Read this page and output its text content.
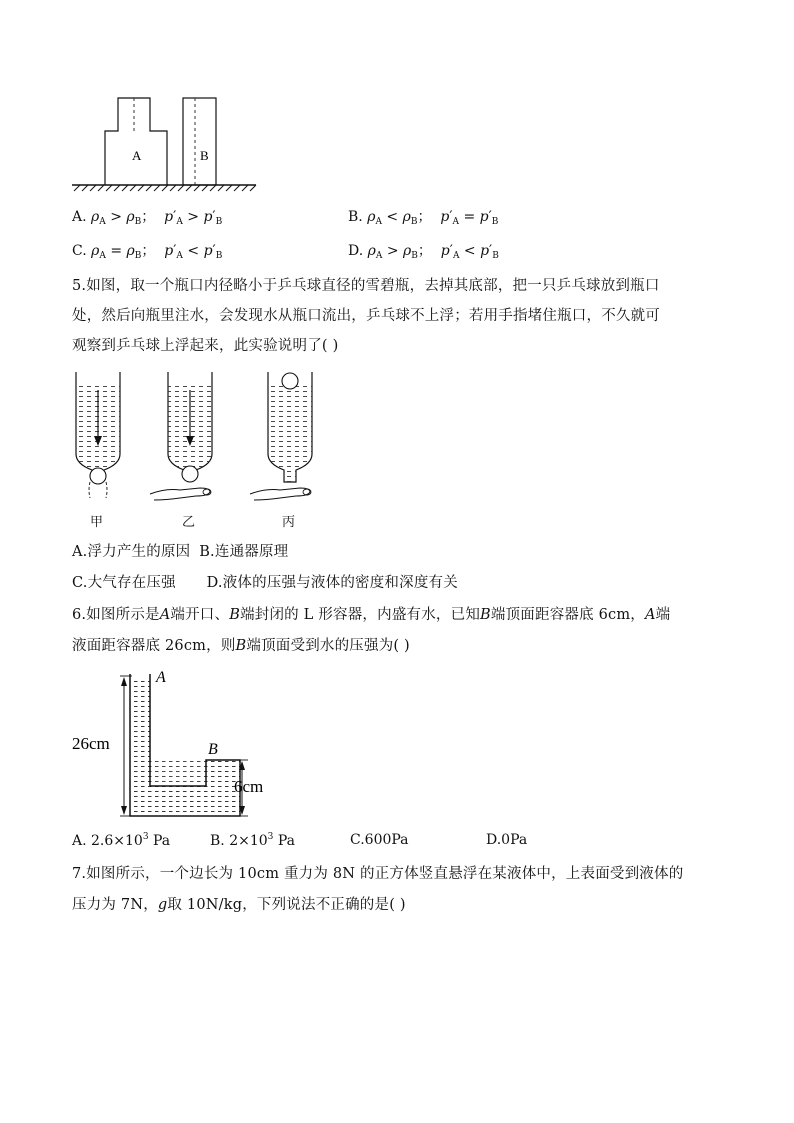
A	B
A. $\rho_A > \rho_B$； $p'_A > p'_B$	B. $\rho_A < \rho_B$； $p'_A = p'_B$
C. $\rho_A = \rho_B$； $p'_A < p'_B$	D. $\rho_A > \rho_B$； $p'_A < p'_B$
5.如图，取一个瓶口内径略小于乒乓球直径的雪碧瓶，去掉其底部，把一只乒乓球放到瓶口
处，然后向瓶里注水，会发现水从瓶口流出，乒乓球不上浮；若用手指堵住瓶口，不久就可
观察到乒乓球上浮起来，此实验说明了( )
甲	乙	丙
A.浮力产生的原因 B.连通器原理
C.大气存在压强 D.液体的压强与液体的密度和深度有关
6.如图所示是A端开口、B端封闭的 L 形容器，内盛有水，已知B端顶面距容器底 6cm，A端
液面距容器底 26cm，则B端顶面受到水的压强为( )
A
B
26cm
6cm
A. $2.6\times 10^3$ Pa	B. $2\times 10^3$ Pa	C.600Pa	D.0Pa
7.如图所示，一个边长为 10cm 重力为 8N 的正方体竖直悬浮在某液体中，上表面受到液体的
压力为 7N，g取 10N/kg，下列说法不正确的是( )
